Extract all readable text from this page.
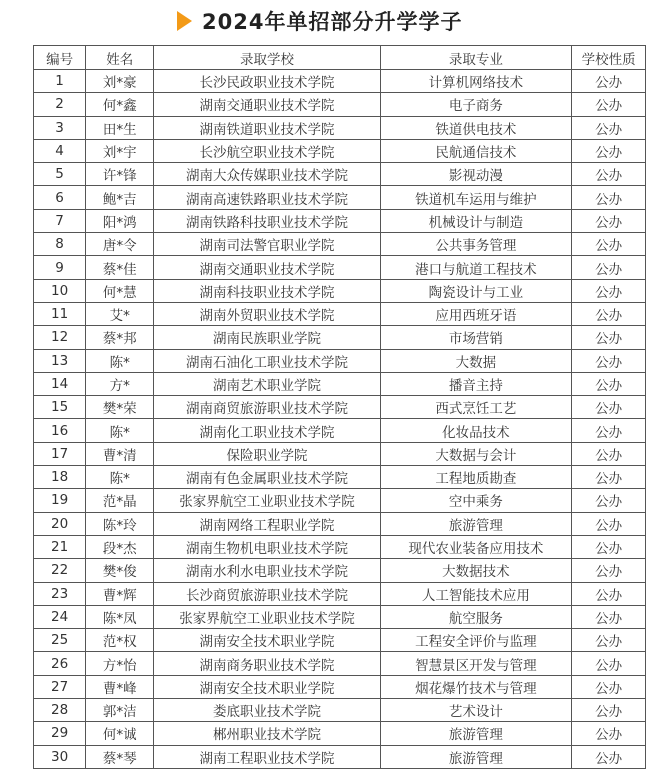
2024年单招部分升学学子
编号	姓名	录取学校	录取专业	学校性质
1	刘*豪	长沙民政职业技术学院	计算机网络技术	公办
2	何*鑫	湖南交通职业技术学院	电子商务	公办
3	田*生	湖南铁道职业技术学院	铁道供电技术	公办
4	刘*宇	长沙航空职业技术学院	民航通信技术	公办
5	许*锋	湖南大众传媒职业技术学院	影视动漫	公办
6	鲍*吉	湖南高速铁路职业技术学院	铁道机车运用与维护	公办
7	阳*鸿	湖南铁路科技职业技术学院	机械设计与制造	公办
8	唐*令	湖南司法警官职业学院	公共事务管理	公办
9	蔡*佳	湖南交通职业技术学院	港口与航道工程技术	公办
10	何*慧	湖南科技职业技术学院	陶瓷设计与工业	公办
11	艾*	湖南外贸职业技术学院	应用西班牙语	公办
12	蔡*邦	湖南民族职业学院	市场营销	公办
13	陈*	湖南石油化工职业技术学院	大数据	公办
14	方*	湖南艺术职业学院	播音主持	公办
15	樊*荣	湖南商贸旅游职业技术学院	西式烹饪工艺	公办
16	陈*	湖南化工职业技术学院	化妆品技术	公办
17	曹*清	保险职业学院	大数据与会计	公办
18	陈*	湖南有色金属职业技术学院	工程地质勘查	公办
19	范*晶	张家界航空工业职业技术学院	空中乘务	公办
20	陈*玲	湖南网络工程职业学院	旅游管理	公办
21	段*杰	湖南生物机电职业技术学院	现代农业装备应用技术	公办
22	樊*俊	湖南水利水电职业技术学院	大数据技术	公办
23	曹*辉	长沙商贸旅游职业技术学院	人工智能技术应用	公办
24	陈*凤	张家界航空工业职业技术学院	航空服务	公办
25	范*权	湖南安全技术职业学院	工程安全评价与监理	公办
26	方*怡	湖南商务职业技术学院	智慧景区开发与管理	公办
27	曹*峰	湖南安全技术职业学院	烟花爆竹技术与管理	公办
28	郭*洁	娄底职业技术学院	艺术设计	公办
29	何*诚	郴州职业技术学院	旅游管理	公办
30	蔡*琴	湖南工程职业技术学院	旅游管理	公办
